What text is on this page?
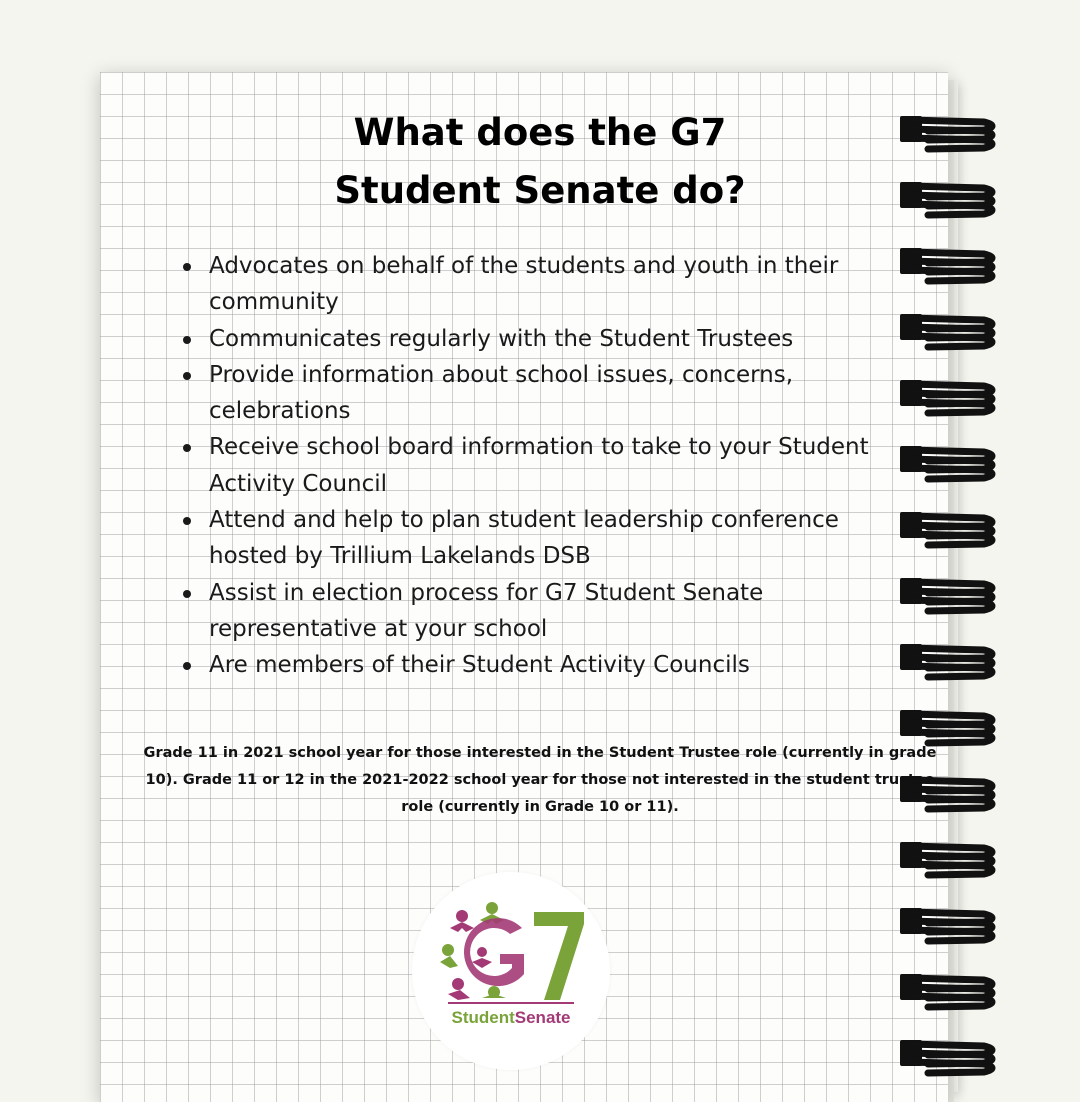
What does the G7
Student Senate do?
Advocates on behalf of the students and youth in their community
Communicates regularly with the Student Trustees
Provide information about school issues, concerns, celebrations
Receive school board information to take to your Student Activity Council
Attend and help to plan student leadership conference hosted by Trillium Lakelands DSB
Assist in election process for G7 Student Senate representative at your school
Are members of their Student Activity Councils

Grade 11 in 2021 school year for those interested in the Student Trustee role (currently in grade 10). Grade 11 or 12 in the 2021-2022 school year for those not interested in the student trustee role (currently in Grade 10 or 11).

StudentSenate
